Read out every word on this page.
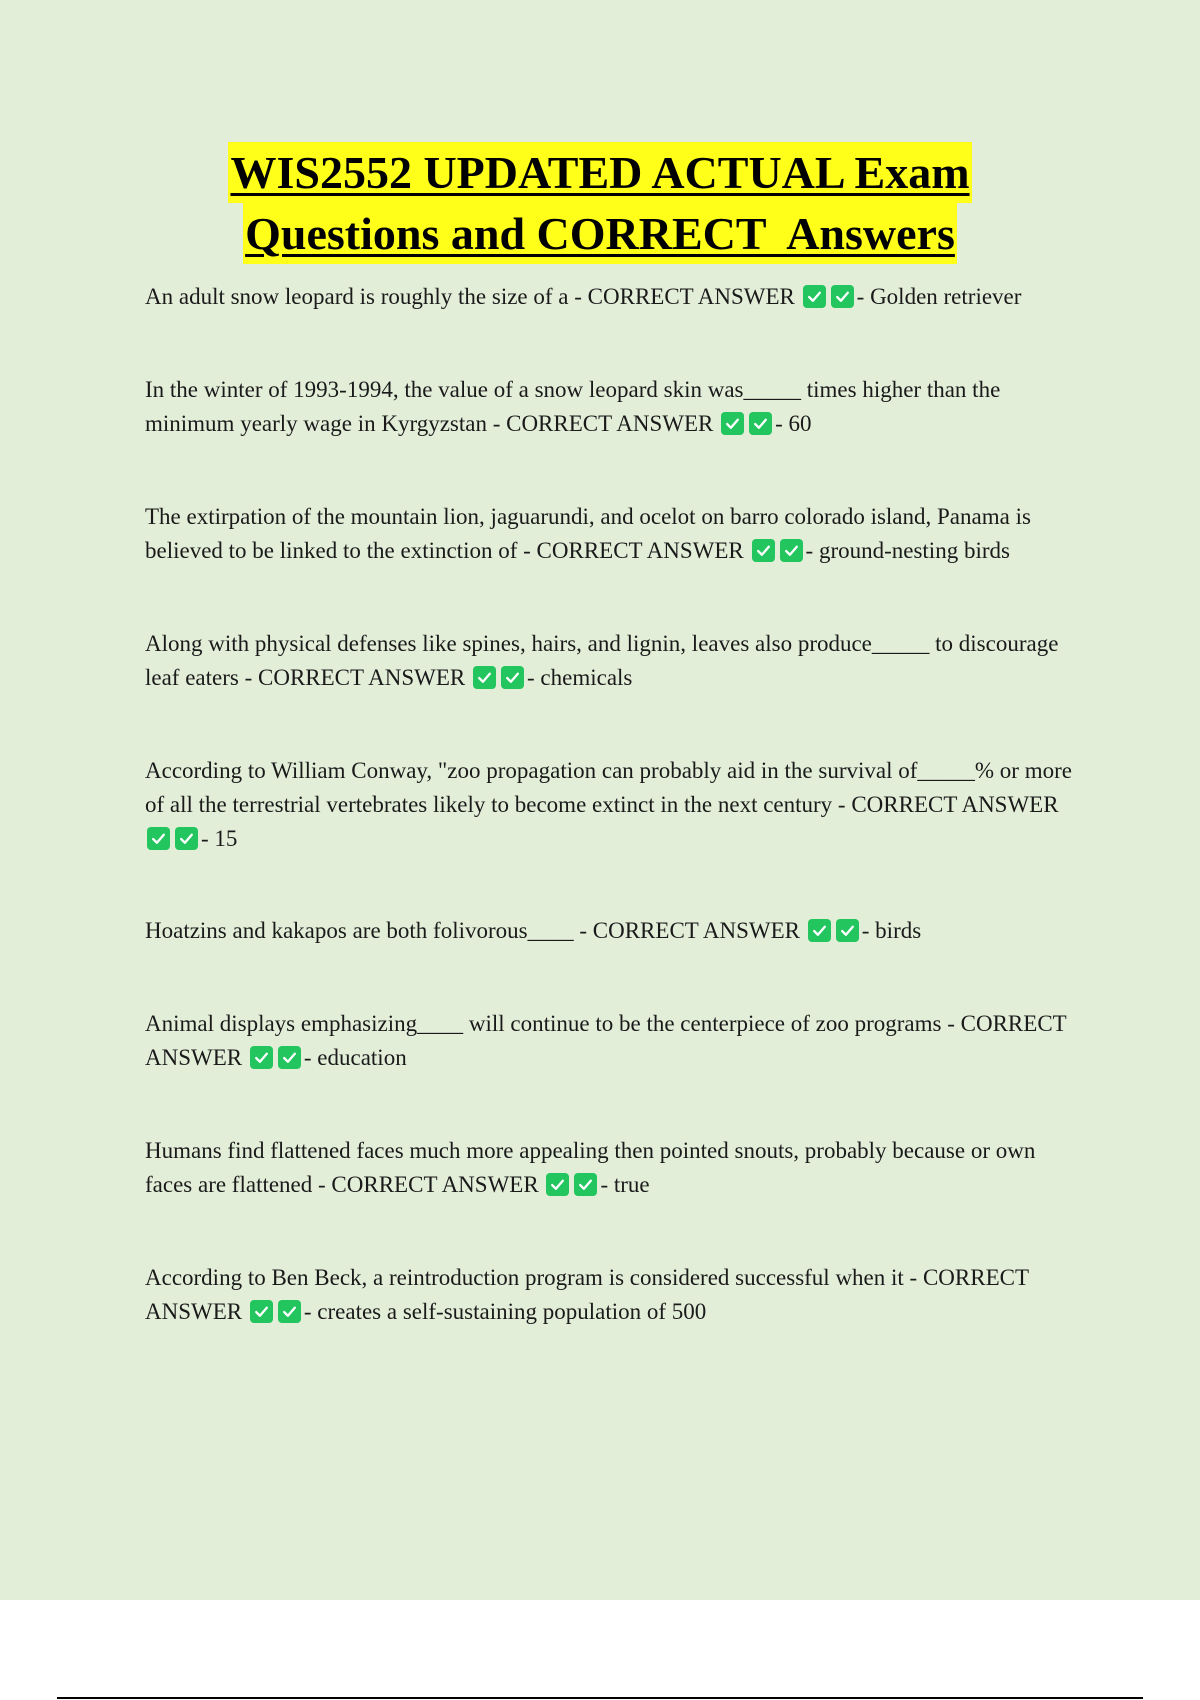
WIS2552 UPDATED ACTUAL Exam
Questions and CORRECT  Answers
An adult snow leopard is roughly the size of a - CORRECT ANSWER	- Golden retriever
In the winter of 1993-1994, the value of a snow leopard skin was_____ times higher than the minimum yearly wage in Kyrgyzstan - CORRECT ANSWER	- 60
The extirpation of the mountain lion, jaguarundi, and ocelot on barro colorado island, Panama is believed to be linked to the extinction of - CORRECT ANSWER	- ground-nesting birds
Along with physical defenses like spines, hairs, and lignin, leaves also produce_____ to discourage leaf eaters - CORRECT ANSWER	- chemicals
According to William Conway, "zoo propagation can probably aid in the survival of_____% or more of all the terrestrial vertebrates likely to become extinct in the next century - CORRECT ANSWER
- 15
Hoatzins and kakapos are both folivorous____ - CORRECT ANSWER	- birds
Animal displays emphasizing____ will continue to be the centerpiece of zoo programs - CORRECT ANSWER	- education
Humans find flattened faces much more appealing then pointed snouts, probably because or own faces are flattened - CORRECT ANSWER	- true
According to Ben Beck, a reintroduction program is considered successful when it - CORRECT ANSWER	- creates a self-sustaining population of 500
